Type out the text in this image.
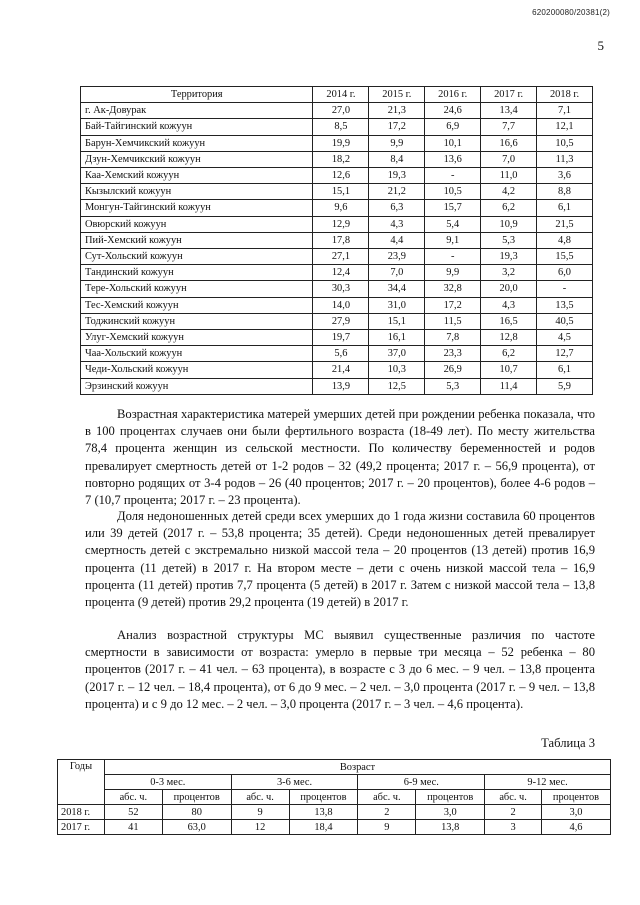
620200080/20381(2)
5
Территория	2014 г.	2015 г.	2016 г.	2017 г.	2018 г.
г. Ак-Довурак	27,0	21,3	24,6	13,4	7,1
Бай-Тайгинский кожуун	8,5	17,2	6,9	7,7	12,1
Барун-Хемчикский кожуун	19,9	9,9	10,1	16,6	10,5
Дзун-Хемчикский кожуун	18,2	8,4	13,6	7,0	11,3
Каа-Хемский кожуун	12,6	19,3	-	11,0	3,6
Кызылский кожуун	15,1	21,2	10,5	4,2	8,8
Монгун-Тайгинский кожуун	9,6	6,3	15,7	6,2	6,1
Овюрский кожуун	12,9	4,3	5,4	10,9	21,5
Пий-Хемский кожуун	17,8	4,4	9,1	5,3	4,8
Сут-Хольский кожуун	27,1	23,9	-	19,3	15,5
Тандинский кожуун	12,4	7,0	9,9	3,2	6,0
Тере-Хольский кожуун	30,3	34,4	32,8	20,0	-
Тес-Хемский кожуун	14,0	31,0	17,2	4,3	13,5
Тоджинский кожуун	27,9	15,1	11,5	16,5	40,5
Улуг-Хемский кожуун	19,7	16,1	7,8	12,8	4,5
Чаа-Хольский кожуун	5,6	37,0	23,3	6,2	12,7
Чеди-Хольский кожуун	21,4	10,3	26,9	10,7	6,1
Эрзинский кожуун	13,9	12,5	5,3	11,4	5,9

Возрастная характеристика матерей умерших детей при рождении ребенка показала, что в 100 процентах случаев они были фертильного возраста (18-49 лет). По месту жительства 78,4 процента женщин из сельской местности. По количеству беременностей и родов превалирует смертность детей от 1-2 родов – 32 (49,2 процента; 2017 г. – 56,9 процента), от повторно родящих от 3-4 родов – 26 (40 процентов; 2017 г. – 20 процентов), более 4-6 родов – 7 (10,7 процента; 2017 г. – 23 процента).

Доля недоношенных детей среди всех умерших до 1 года жизни составила 60 процентов или 39 детей (2017 г. – 53,8 процента; 35 детей). Среди недоношенных детей превалирует смертность детей с экстремально низкой массой тела – 20 процентов (13 детей) против 16,9 процента (11 детей) в 2017 г. На втором месте – дети с очень низкой массой тела – 16,9 процента (11 детей) против 7,7 процента (5 детей) в 2017 г. Затем с низкой массой тела – 13,8 процента (9 детей) против 29,2 процента (19 детей) в 2017 г.

Анализ возрастной структуры МС выявил существенные различия по частоте смертности в зависимости от возраста: умерло в первые три месяца – 52 ребенка – 80 процентов (2017 г. – 41 чел. – 63 процента), в возрасте с 3 до 6 мес. – 9 чел. – 13,8 процента (2017 г. – 12 чел. – 18,4 процента), от 6 до 9 мес. – 2 чел. – 3,0 процента (2017 г. – 9 чел. – 13,8 процента) и с 9 до 12 мес. – 2 чел. – 3,0 процента (2017 г. – 3 чел. – 4,6 процента).

Таблица 3
Годы	Возраст							
	0-3 мес.		3-6 мес.		6-9 мес.		9-12 мес.	
	абс. ч.	процентов	абс. ч.	процентов	абс. ч.	процентов	абс. ч.	процентов
2018 г.	52	80	9	13,8	2	3,0	2	3,0
2017 г.	41	63,0	12	18,4	9	13,8	3	4,6
